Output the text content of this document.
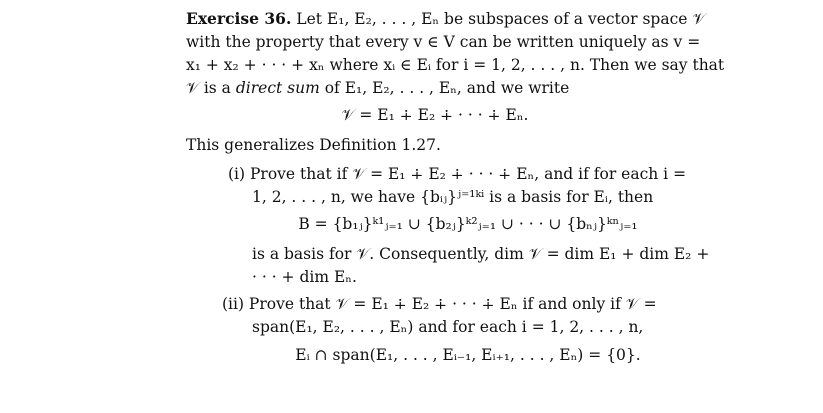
Exercise 36. Let E₁, E₂, . . . , Eₙ be subspaces of a vector space 𝒱
with the property that every v ∈ V can be written uniquely as v =
x₁ + x₂ + · · · + xₙ where xᵢ ∈ Eᵢ for i = 1, 2, . . . , n. Then we say that
𝒱 is a direct sum of E₁, E₂, . . . , Eₙ, and we write
𝒱 = E₁ ∔ E₂ ∔ · · · ∔ Eₙ.
This generalizes Definition 1.27.
(i) Prove that if 𝒱 = E₁ ∔ E₂ ∔ · · · ∔ Eₙ, and if for each i =
1, 2, . . . , n, we have {bᵢⱼ}ʲ⁼¹ᵏⁱ is a basis for Eᵢ, then
B = {b₁ⱼ}ᵏ¹ⱼ₌₁ ∪ {b₂ⱼ}ᵏ²ⱼ₌₁ ∪ · · · ∪ {bₙⱼ}ᵏⁿⱼ₌₁
is a basis for 𝒱. Consequently, dim 𝒱 = dim E₁ + dim E₂ +
· · · + dim Eₙ.
(ii) Prove that 𝒱 = E₁ ∔ E₂ ∔ · · · ∔ Eₙ if and only if 𝒱 =
span(E₁, E₂, . . . , Eₙ) and for each i = 1, 2, . . . , n,
Eᵢ ∩ span(E₁, . . . , Eᵢ₋₁, Eᵢ₊₁, . . . , Eₙ) = {0}.
